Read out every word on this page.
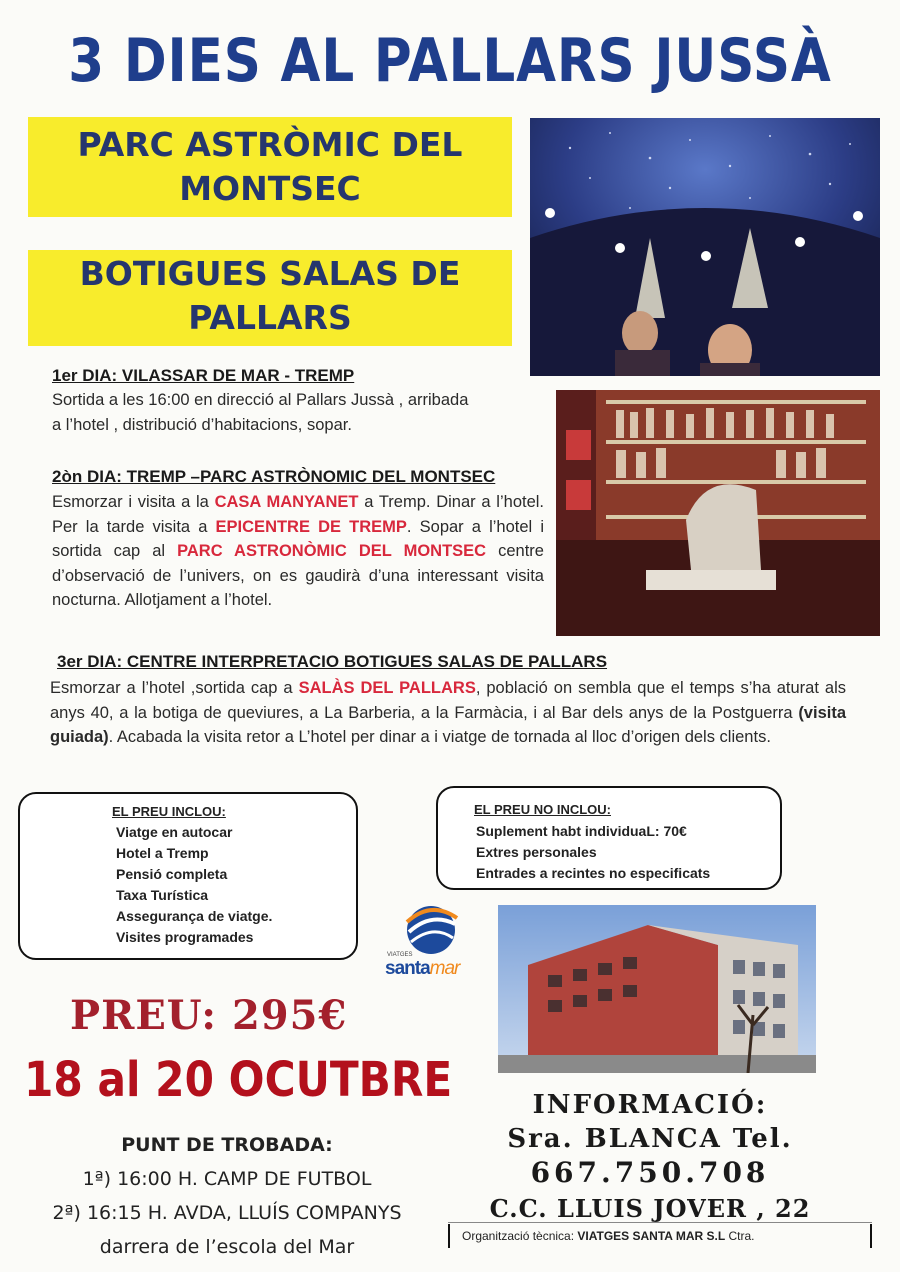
3 DIES AL PALLARS JUSSÀ
PARC ASTRÒMIC DEL
MONTSEC
BOTIGUES SALAS DE
PALLARS
1er DIA: VILASSAR DE MAR - TREMP
Sortida a les 16:00 en direcció al Pallars Jussà , arribada
a l’hotel , distribució d’habitacions, sopar.
2òn DIA: TREMP –PARC ASTRÒNOMIC DEL MONTSEC
Esmorzar i visita a la CASA MANYANET a Tremp. Dinar a l’hotel. Per la tarde visita a EPICENTRE DE TREMP. Sopar a l’hotel i sortida cap al PARC ASTRONÒMIC DEL MONTSEC centre d’observació de l’univers, on es gaudirà d’una interessant visita nocturna. Allotjament a l’hotel.
3er DIA: CENTRE INTERPRETACIO BOTIGUES SALAS DE PALLARS
Esmorzar a l’hotel ,sortida cap a SALÀS DEL PALLARS, població on sembla que el temps s’ha aturat als anys 40, a la botiga de queviures, a La Barberia, a la Farmàcia, i al Bar dels anys de la Postguerra (visita guiada). Acabada la visita retor a L’hotel per dinar a i viatge de tornada al lloc d’origen dels clients.
EL PREU INCLOU:
Viatge en autocar
Hotel a Tremp
Pensió completa
Taxa Turística
Assegurança de viatge.
Visites programades
EL PREU NO INCLOU:
Suplement habt individuaL: 70€
Extres personales
Entrades a recintes no especificats
VIATGES
santamar
PREU: 295€
18 al 20 OCUTBRE
PUNT DE TROBADA:
1ª) 16:00 H. CAMP DE FUTBOL
2ª) 16:15 H. AVDA, LLUÍS COMPANYS
darrera de l’escola del Mar
INFORMACIÓ:
Sra. BLANCA Tel.
667.750.708
C.C. LLUIS JOVER , 22
Organització tècnica: VIATGES SANTA MAR S.L Ctra.
